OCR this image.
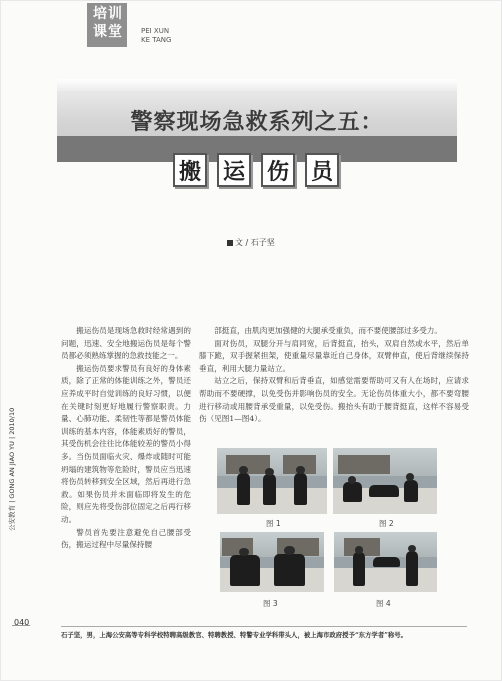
培训
课堂	PEI XUN
KE TANG
警察现场急救系列之五：
搬 运 伤 员
文 / 石子坚
公安教育 | GONG AN JIAO YU | 2010/10
040

搬运伤员是现场急救时经常遇到的问题，迅速、安全地搬运伤员是每个警员都必须熟练掌握的急救技能之一。

搬运伤员要求警员有良好的身体素质，除了正常的体能训练之外，警员还应养成平时自觉训练的良好习惯，以便在关键时刻更好地履行警察职责。力量、心肺功能、柔韧性等都是警员体能训练的基本内容，体能素质好的警员，其受伤机会往往比体能较差的警员小得多。当伤员面临火灾、爆炸或随时可能坍塌的建筑物等危险时，警员应当迅速将伤员转移到安全区域，然后再进行急救。如果伤员并未面临即将发生的危险，则应先将受伤部位固定之后再行移动。

警员首先要注意避免自己腰部受伤，搬运过程中尽量保持腰

部挺直，由肌肉更加强健的大腿承受重负，而不要使腰部过多受力。

面对伤员，双腿分开与肩同宽，后背挺直，抬头，双肩自然或水平，然后单膝下跪，双手握紧担架，使重量尽量靠近自己身体，双臂伸直，使后背继续保持垂直，利用大腿力量站立。

站立之后，保持双臂和后背垂直，如感觉需要帮助可又有人在场时，应请求帮助而不要硬撑，以免受伤并影响伤员的安全。无论伤员体重大小，都不要弯腰进行移动或用腰背承受重量，以免受伤。搬抬头有助于腰背挺直，这样不容易受伤（见图1—图4）。

图 1	图 2
图 3	图 4
石子坚，男，上海公安高等专科学校特聘高级教官、特聘教授、特警专业学科带头人，被上海市政府授予“东方学者”称号。
